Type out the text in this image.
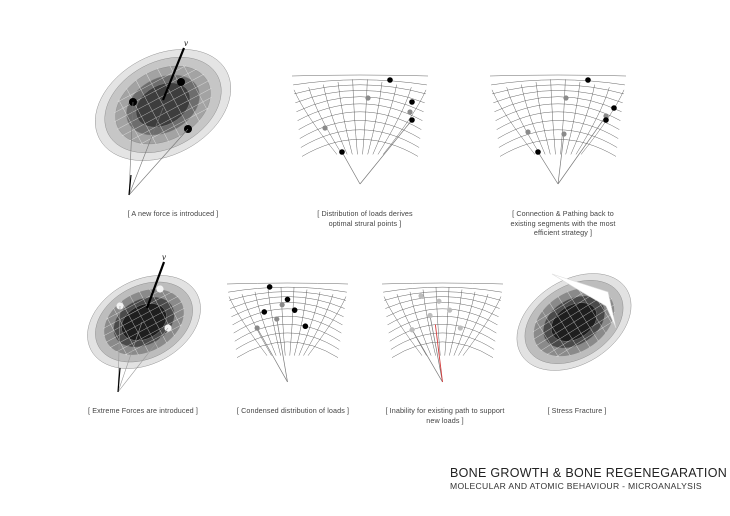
v
[ A new force is introduced ]	[ Distribution of loads derives
optimal strural points ]
[ Connection & Pathing back to
existing segments with the most
efficient strategy ]
v
[ Extreme Forces are introduced ]	[ Condensed distribution of loads ]	[ Inability for existing path to support
new loads ]
[ Stress Fracture ]
BONE GROWTH & BONE REGENEGARATION
MOLECULAR AND ATOMIC BEHAVIOUR - MICROANALYSIS
